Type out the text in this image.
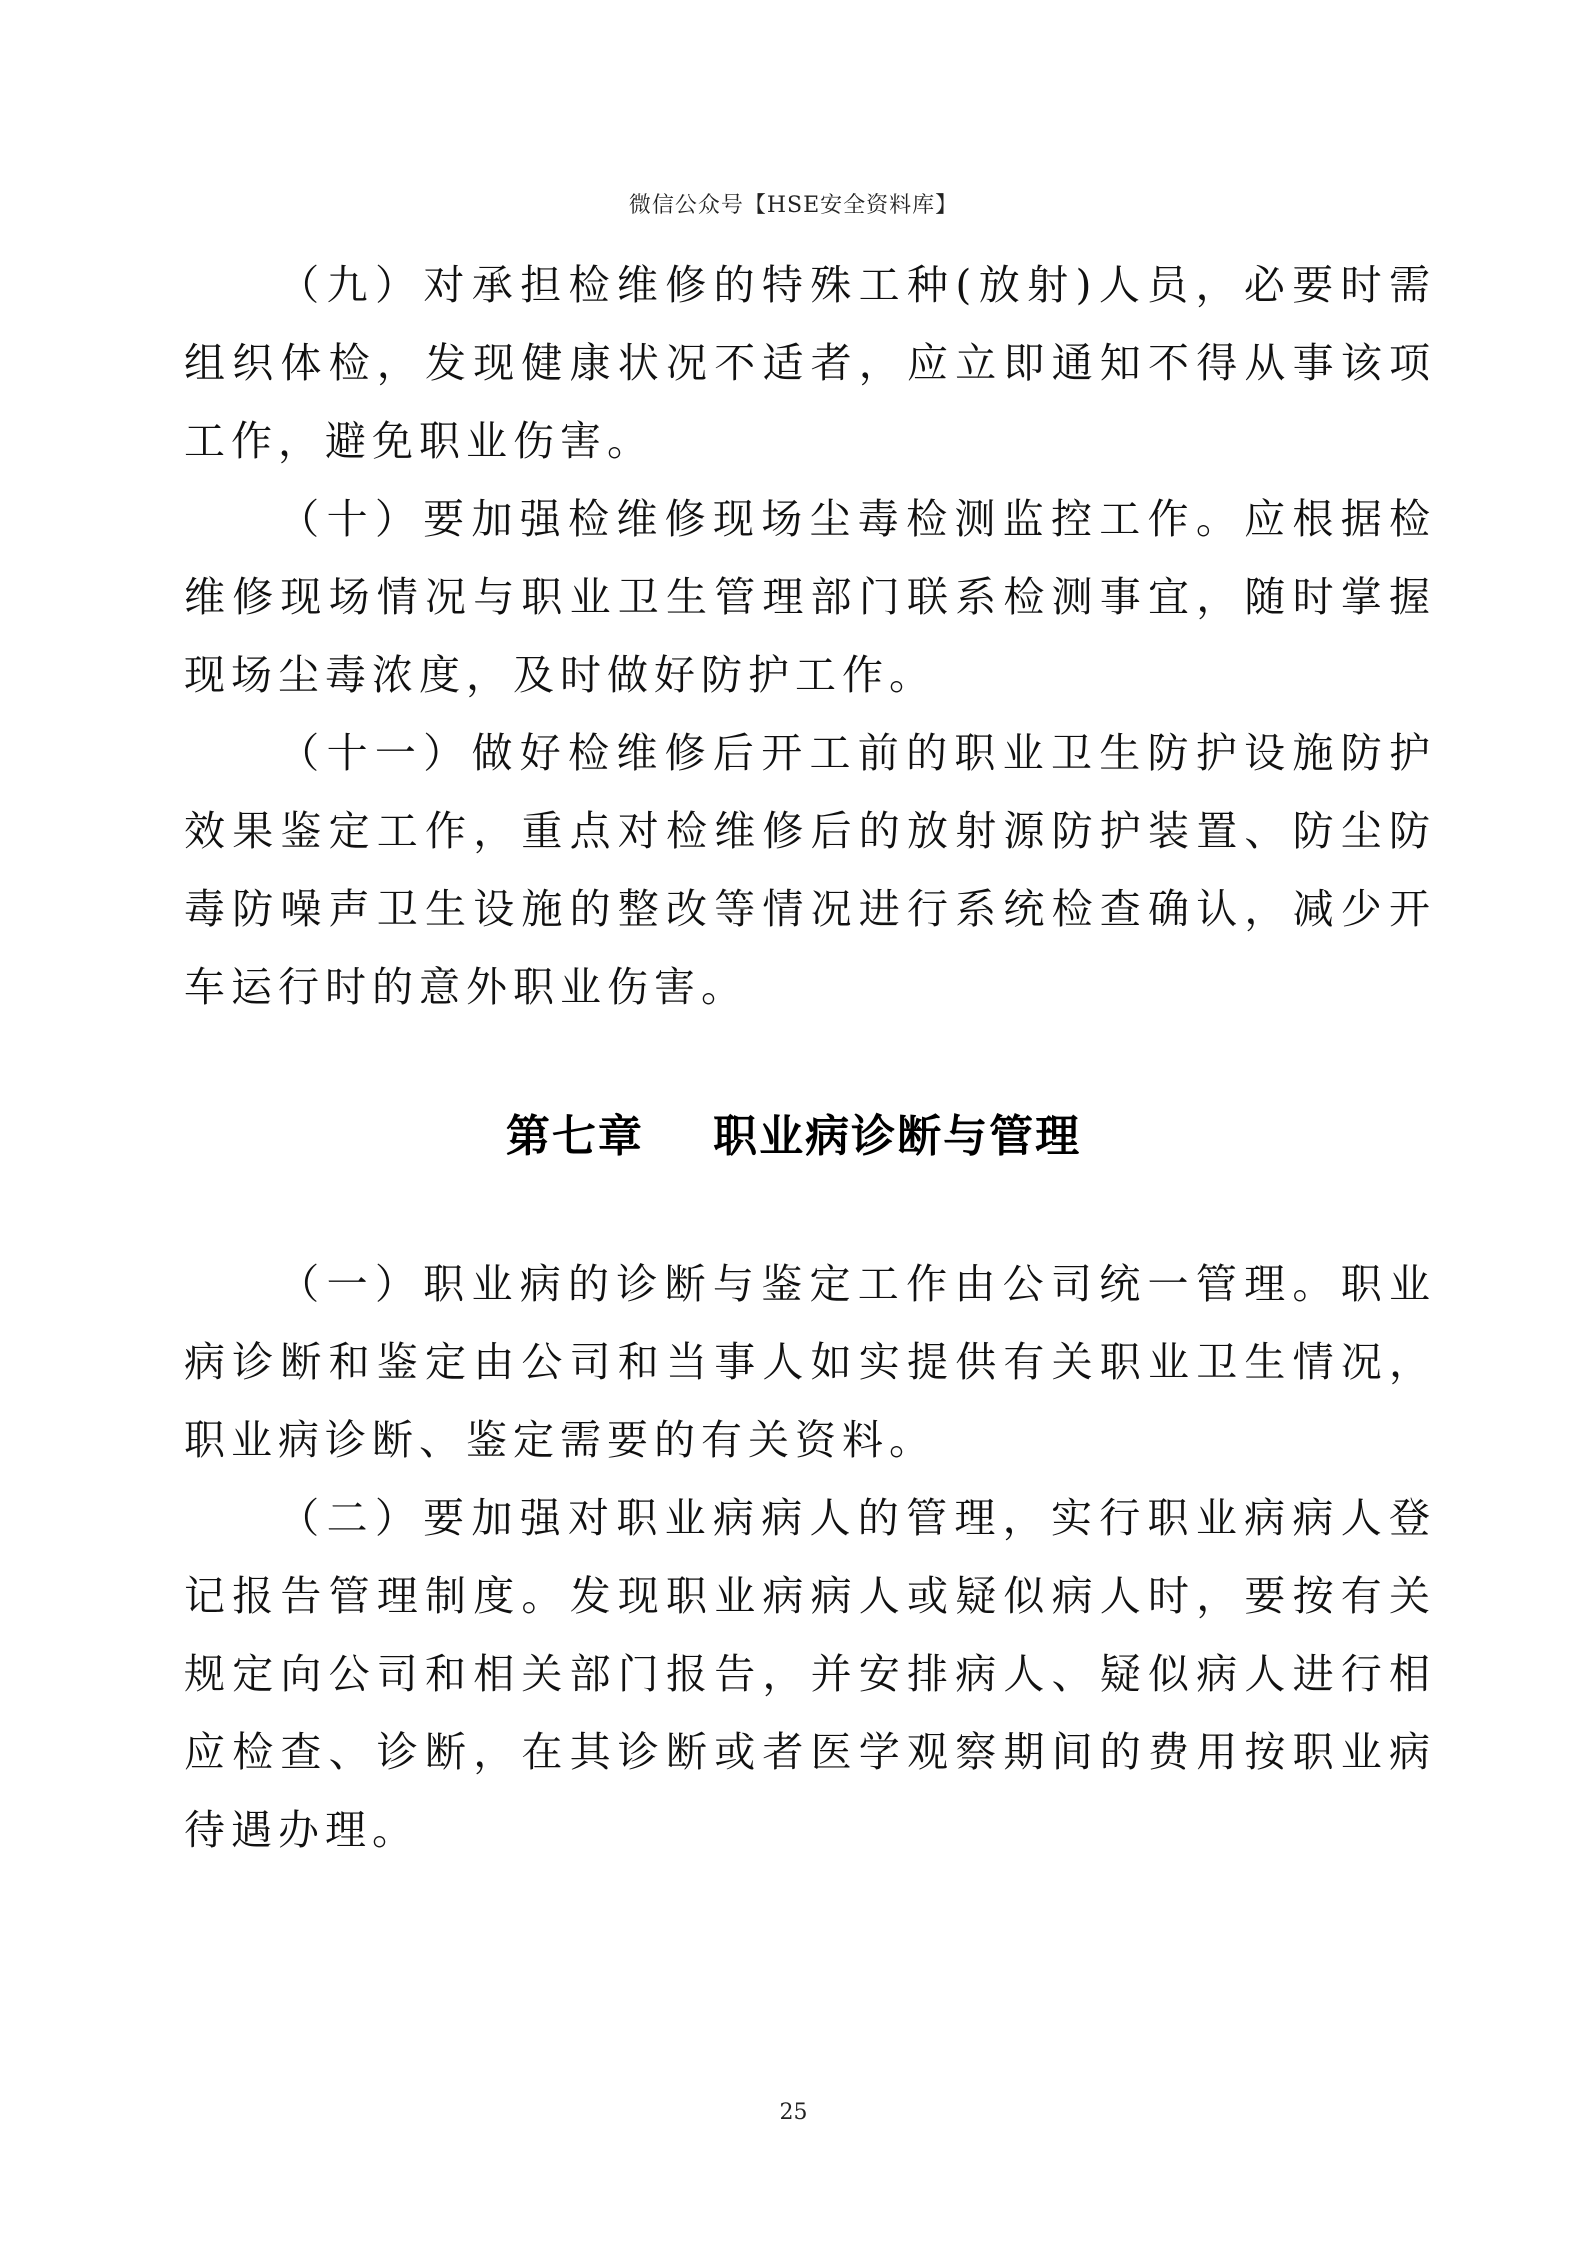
微信公众号【HSE安全资料库】

（九）对承担检维修的特殊工种(放射)人员，必要时需组织体检，发现健康状况不适者，应立即通知不得从事该项工作，避免职业伤害。

（十）要加强检维修现场尘毒检测监控工作。应根据检维修现场情况与职业卫生管理部门联系检测事宜，随时掌握现场尘毒浓度，及时做好防护工作。

（十一）做好检维修后开工前的职业卫生防护设施防护效果鉴定工作，重点对检维修后的放射源防护装置、防尘防毒防噪声卫生设施的整改等情况进行系统检查确认，减少开车运行时的意外职业伤害。

第七章 职业病诊断与管理

（一）职业病的诊断与鉴定工作由公司统一管理。职业病诊断和鉴定由公司和当事人如实提供有关职业卫生情况，职业病诊断、鉴定需要的有关资料。

（二）要加强对职业病病人的管理，实行职业病病人登记报告管理制度。发现职业病病人或疑似病人时，要按有关规定向公司和相关部门报告，并安排病人、疑似病人进行相应检查、诊断，在其诊断或者医学观察期间的费用按职业病待遇办理。

25
